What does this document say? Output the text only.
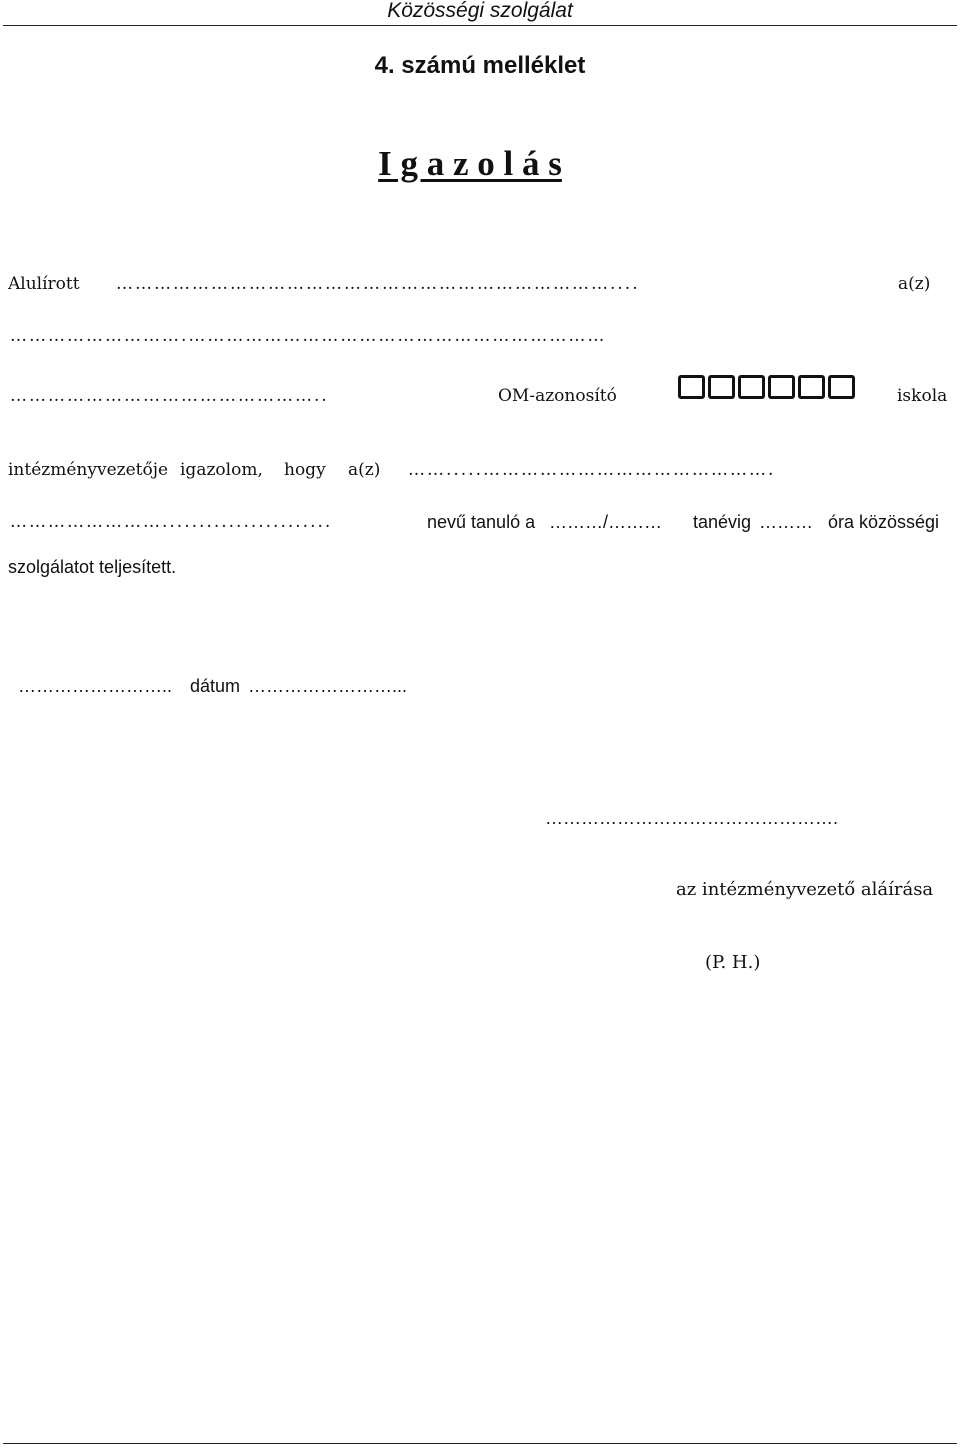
Közösségi szolgálat
4. számú melléklet
I g a z o l á s
Alulírott ……………………………………………………………………....	a(z)
……………………….…………………………………………………………
…………………………………………..	OM-azonosító	iskola
intézményvezetője igazolom, hogy a(z) …….....……………………………………….
…………………….......................	nevű tanuló a ………/……… tanévig ……… óra közösségi
szolgálatot teljesített.
…………………….. dátum ……………………...
………………………………………….
az intézményvezető aláírása
(P. H.)
